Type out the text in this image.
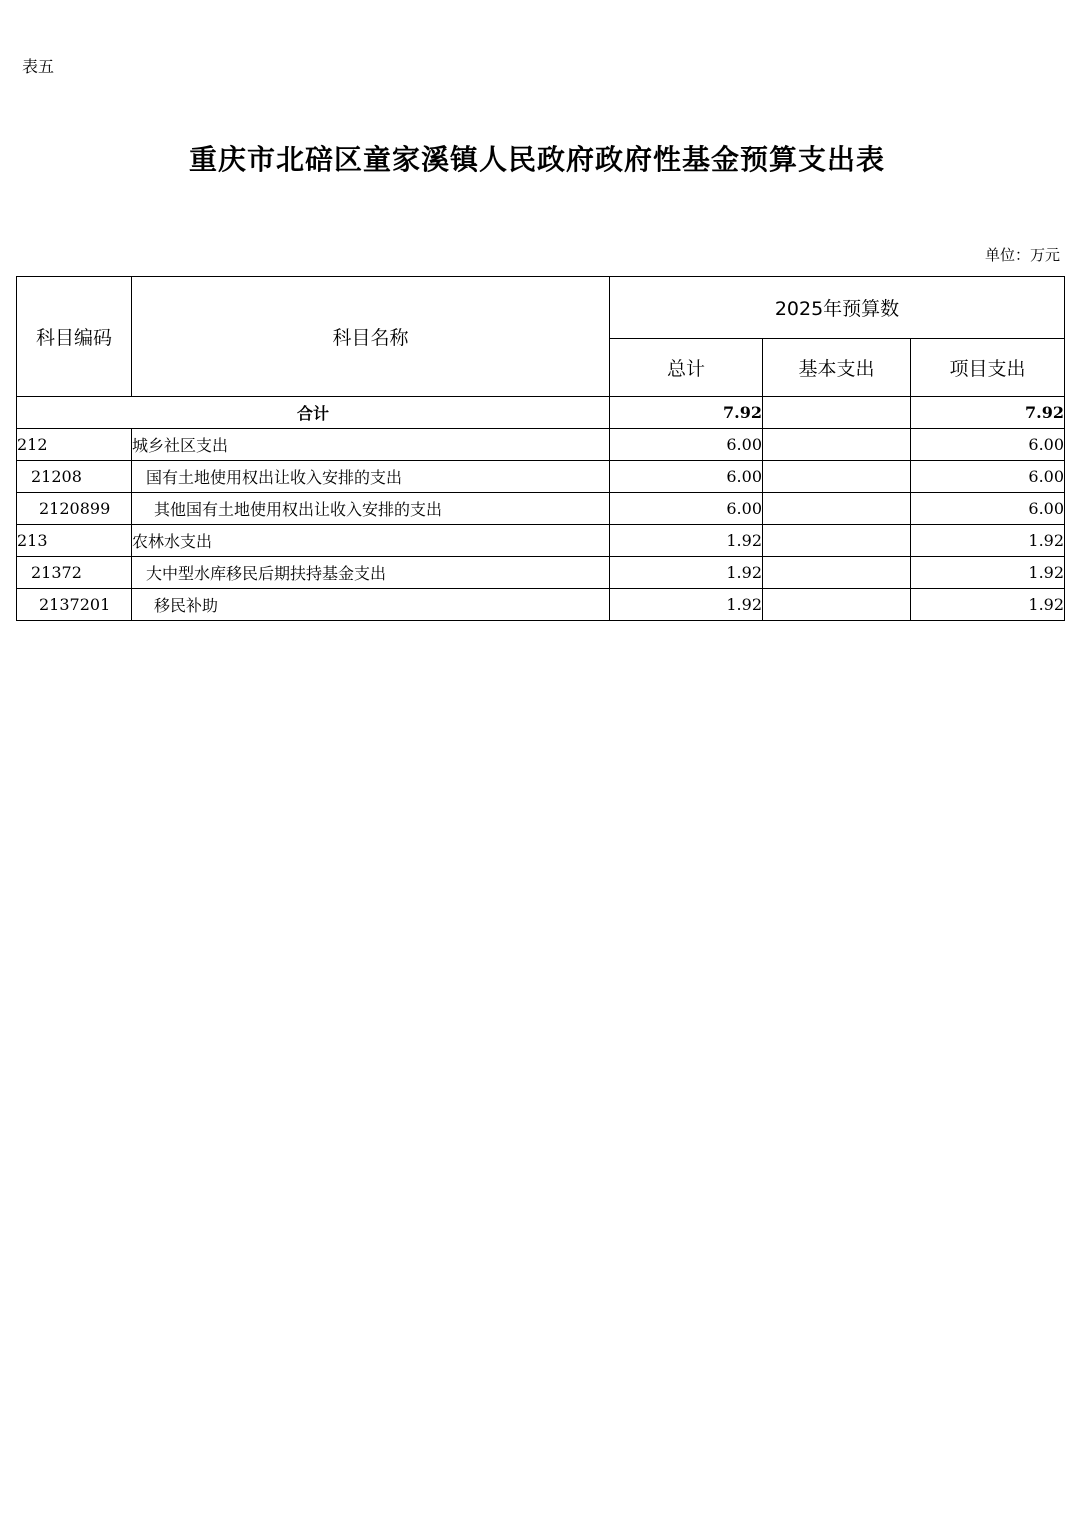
表五
重庆市北碚区童家溪镇人民政府政府性基金预算支出表
单位：万元
科目编码	科目名称	2025年预算数		
		总计	基本支出	项目支出
合计		7.92		7.92
212	城乡社区支出	6.00		6.00
21208	国有土地使用权出让收入安排的支出	6.00		6.00
2120899	其他国有土地使用权出让收入安排的支出	6.00		6.00
213	农林水支出	1.92		1.92
21372	大中型水库移民后期扶持基金支出	1.92		1.92
2137201	移民补助	1.92		1.92
